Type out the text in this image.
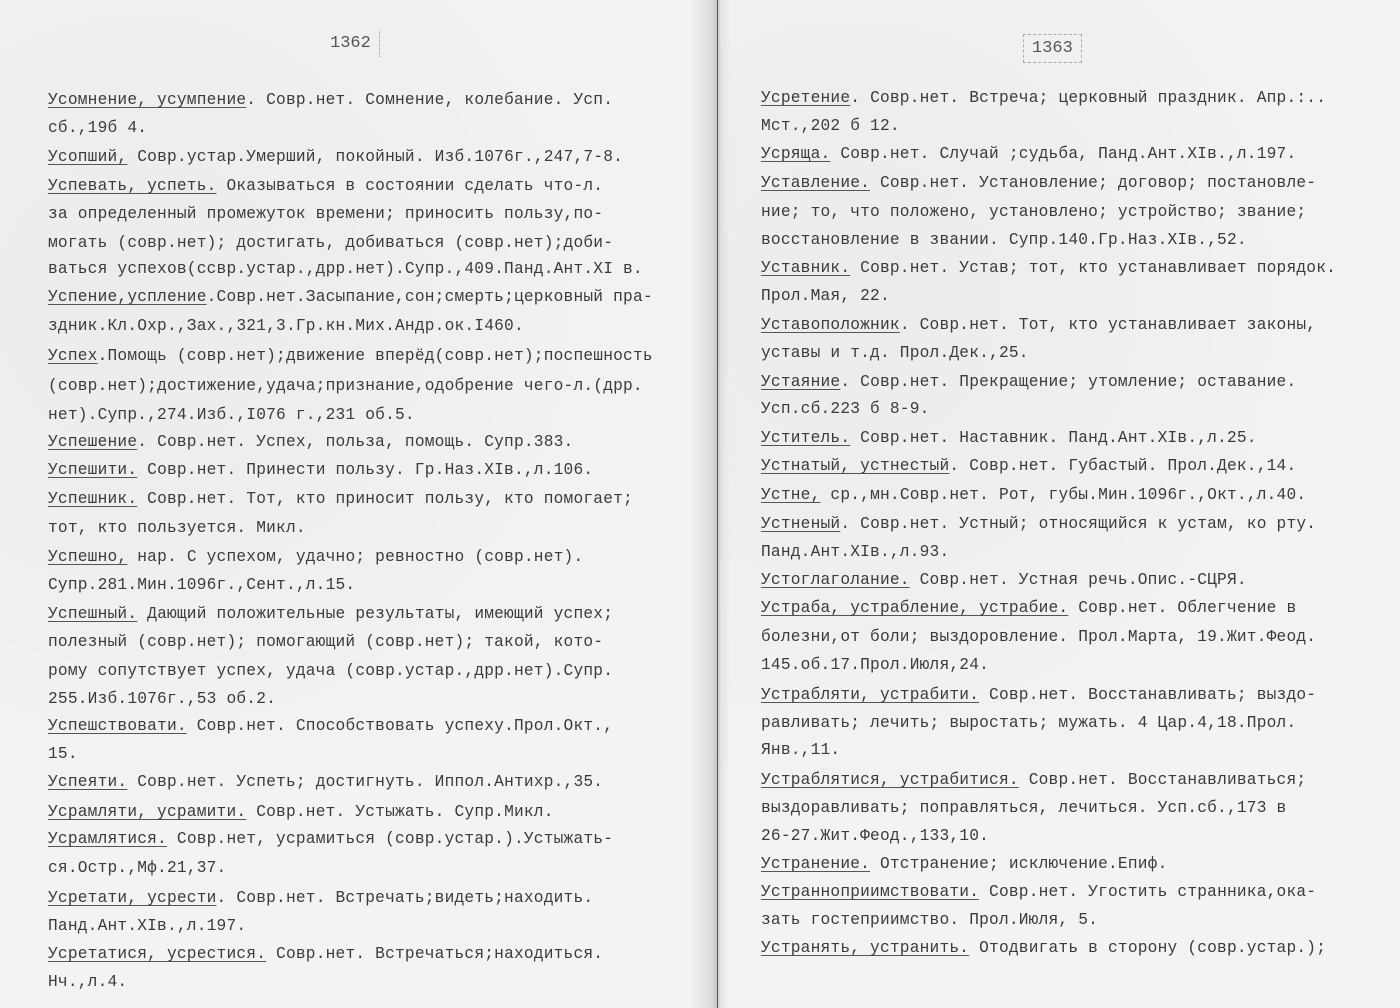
1362
Усомнение, усумпение. Совр.нет. Сомнение, колебание. Усп.
сб.,19б 4.
Усопший, Совр.устар.Умерший, покойный. Изб.1076г.,247,7-8.
Успевать, успеть. Оказываться в состоянии сделать что-л.
за определенный промежуток времени; приносить пользу,по-
могать (совр.нет); достигать, добиваться (совр.нет);доби-
ваться успехов(ссвр.устар.,дрр.нет).Супр.,409.Панд.Ант.XI в.
Успение,успление.Совр.нет.Засыпание,сон;смерть;церковный пра-
здник.Кл.Охр.,Зах.,321,3.Гр.кн.Мих.Андр.ок.I460.
Успех.Помощь (совр.нет);движение вперёд(совр.нет);поспешность
(совр.нет);достижение,удача;признание,одобрение чего-л.(дрр.
нет).Супр.,274.Изб.,I076 г.,231 об.5.
Успешение. Совр.нет. Успех, польза, помощь. Супр.383.
Успешити. Совр.нет. Принести пользу. Гр.Наз.XIв.,л.106.
Успешник. Совр.нет. Тот, кто приносит пользу, кто помогает;
тот, кто пользуется. Микл.
Успешно, нар. С успехом, удачно; ревностно (совр.нет).
Супр.281.Мин.1096г.,Сент.,л.15.
Успешный. Дающий положительные результаты, имеющий успех;
полезный (совр.нет); помогающий (совр.нет); такой, кото-
рому сопутствует успех, удача (совр.устар.,дрр.нет).Супр.
255.Изб.1076г.,53 об.2.
Успешствовати. Совр.нет. Способствовать успеху.Прол.Окт.,
15.
Успеяти. Совр.нет. Успеть; достигнуть. Иппол.Антихр.,35.
Усрамляти, усрамити. Совр.нет. Устыжать. Супр.Микл.
Усрамлятися. Совр.нет, усрамиться (совр.устар.).Устыжать-
ся.Остр.,Мф.21,37.
Усретати, усрести. Совр.нет. Встречать;видеть;находить.
Панд.Ант.XIв.,л.197.
Усретатися, усрестися. Совр.нет. Встречаться;находиться.
Нч.,л.4.
1363
Усретение. Совр.нет. Встреча; церковный праздник. Апр.:..
Мст.,202 б 12.
Усряща. Совр.нет. Случай ;судьба, Панд.Ант.XIв.,л.197.
Уставление. Совр.нет. Установление; договор; постановле-
ние; то, что положено, установлено; устройство; звание;
восстановление в звании. Супр.140.Гр.Наз.XIв.,52.
Уставник. Совр.нет. Устав; тот, кто устанавливает порядок.
Прол.Мая, 22.
Уставоположник. Совр.нет. Тот, кто устанавливает законы,
уставы и т.д. Прол.Дек.,25.
Устаяние. Совр.нет. Прекращение; утомление; оставание.
Усп.сб.223 б 8-9.
Уститель. Совр.нет. Наставник. Панд.Ант.XIв.,л.25.
Устнатый, устнестый. Совр.нет. Губастый. Прол.Дек.,14.
Устне, ср.,мн.Совр.нет. Рот, губы.Мин.1096г.,Окт.,л.40.
Устненый. Совр.нет. Устный; относящийся к устам, ко рту.
Панд.Ант.XIв.,л.93.
Устоглаголание. Совр.нет. Устная речь.Опис.-СЦРЯ.
Устраба, устрабление, устрабие. Совр.нет. Облегчение в
болезни,от боли; выздоровление. Прол.Марта, 19.Жит.Феод.
145.об.17.Прол.Июля,24.
Устрабляти, устрабити. Совр.нет. Восстанавливать; выздо-
равливать; лечить; выростать; мужать. 4 Цар.4,18.Прол.
Янв.,11.
Устраблятися, устрабитися. Совр.нет. Восстанавливаться;
выздоравливать; поправляться, лечиться. Усп.сб.,173 в
26-27.Жит.Феод.,133,10.
Устранение. Отстранение; исключение.Епиф.
Устранноприимствовати. Совр.нет. Угостить странника,ока-
зать гостеприимство. Прол.Июля, 5.
Устранять, устранить. Отодвигать в сторону (совр.устар.);
